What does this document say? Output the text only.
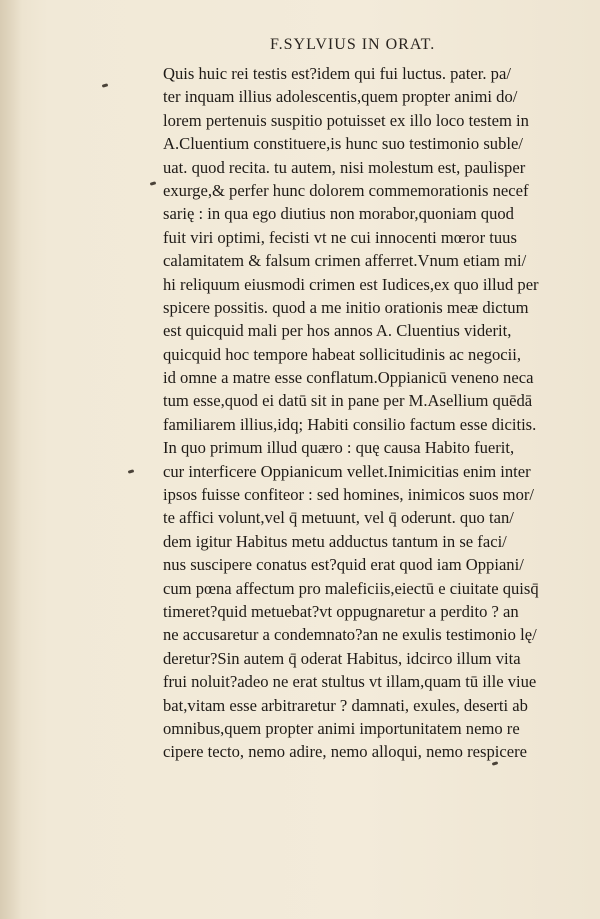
F.SYLVIUS IN ORAT.
Quis huic rei testis est?idem qui fui luctus. pater. pa/
ter inquam illius adolescentis,quem propter animi do/
lorem pertenuis suspitio potuisset ex illo loco testem in
A.Cluentium constituere,is hunc suo testimonio suble/
uat. quod recita. tu autem, nisi molestum est, paulisper
exurge,& perfer hunc dolorem commemorationis necef
sarię : in qua ego diutius non morabor,quoniam quod
fuit viri optimi, fecisti vt ne cui innocenti mœror tuus
calamitatem & falsum crimen afferret.Vnum etiam mi/
hi reliquum eiusmodi crimen est Iudices,ex quo illud per
spicere possitis. quod a me initio orationis meæ dictum
est quicquid mali per hos annos A. Cluentius viderit,
quicquid hoc tempore habeat sollicitudinis ac negocii,
id omne a matre esse conflatum.Oppianicū veneno neca
tum esse,quod ei datū sit in pane per M.Asellium quēdā
familiarem illius,idq; Habiti consilio factum esse dicitis.
In quo primum illud quæro : quę causa Habito fuerit,
cur interficere Oppianicum vellet.Inimicitias enim inter
ipsos fuisse confiteor : sed homines, inimicos suos mor/
te affici volunt,vel q̄ metuunt, vel q̄ oderunt. quo tan/
dem igitur Habitus metu adductus tantum in se faci/
nus suscipere conatus est?quid erat quod iam Oppiani/
cum pœna affectum pro maleficiis,eiectū e ciuitate quisq̄
timeret?quid metuebat?vt oppugnaretur a perdito ? an
ne accusaretur a condemnato?an ne exulis testimonio lę/
deretur?Sin autem q̄ oderat Habitus, idcirco illum vita
frui noluit?adeo ne erat stultus vt illam,quam tū ille viue
bat,vitam esse arbitraretur ? damnati, exules, deserti ab
omnibus,quem propter animi importunitatem nemo re
cipere tecto, nemo adire, nemo alloqui, nemo respicere
